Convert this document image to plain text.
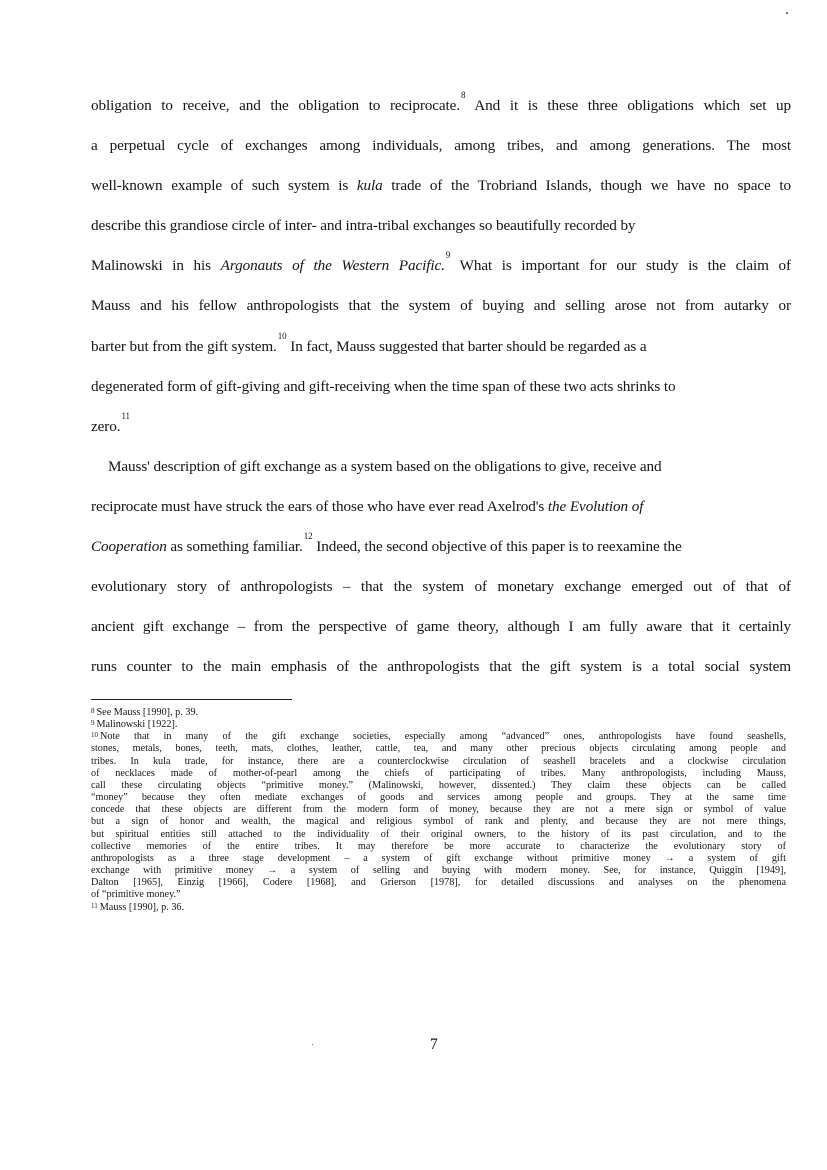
obligation to receive, and the obligation to reciprocate.$^8$ And it is these three obligations which set up
a perpetual cycle of exchanges among individuals, among tribes, and among generations. The most
well-known example of such system is kula trade of the Trobriand Islands, though we have no space to
describe this grandiose circle of inter- and intra-tribal exchanges so beautifully recorded by
Malinowski in his Argonauts of the Western Pacific.$^9$ What is important for our study is the claim of
Mauss and his fellow anthropologists that the system of buying and selling arose not from autarky or
barter but from the gift system.$^{10}$ In fact, Mauss suggested that barter should be regarded as a
degenerated form of gift-giving and gift-receiving when the time span of these two acts shrinks to
zero.$^{11}$
Mauss' description of gift exchange as a system based on the obligations to give, receive and
reciprocate must have struck the ears of those who have ever read Axelrod's the Evolution of
Cooperation as something familiar.$^{12}$ Indeed, the second objective of this paper is to reexamine the
evolutionary story of anthropologists – that the system of monetary exchange emerged out of that of
ancient gift exchange – from the perspective of game theory, although I am fully aware that it certainly
runs counter to the main emphasis of the anthropologists that the gift system is a total social system

$^8$ See Mauss [1990], p. 39.

$^9$ Malinowski [1922].

$^{10}$ Note that in many of the gift exchange societies, especially among “advanced” ones, anthropologists have found seashells,

stones, metals, bones, teeth, mats, clothes, leather, cattle, tea, and many other precious objects circulating among people and

tribes. In kula trade, for instance, there are a counterclockwise circulation of seashell bracelets and a clockwise circulation

of necklaces made of mother-of-pearl among the chiefs of participating of tribes. Many anthropologists, including Mauss,

call these circulating objects “primitive money.” (Malinowski, however, dissented.) They claim these objects can be called

“money” because they often mediate exchanges of goods and services among people and groups. They at the same time

concede that these objects are different from the modern form of money, because they are not a mere sign or symbol of value

but a sign of honor and wealth, the magical and religious symbol of rank and plenty, and because they are not mere things,

but spiritual entities still attached to the individuality of their original owners, to the history of its past circulation, and to the

collective memories of the entire tribes. It may therefore be more accurate to characterize the evolutionary story of

anthropologists as a three stage development – a system of gift exchange without primitive money → a system of gift

exchange with primitive money → a system of selling and buying with modern money. See, for instance, Quiggin [1949],

Dalton [1965], Einzig [1966], Codere [1968], and Grierson [1978], for detailed discussions and analyses on the phenomena

of “primitive money.”

$^{11}$ Mauss [1990], p. 36.

7
